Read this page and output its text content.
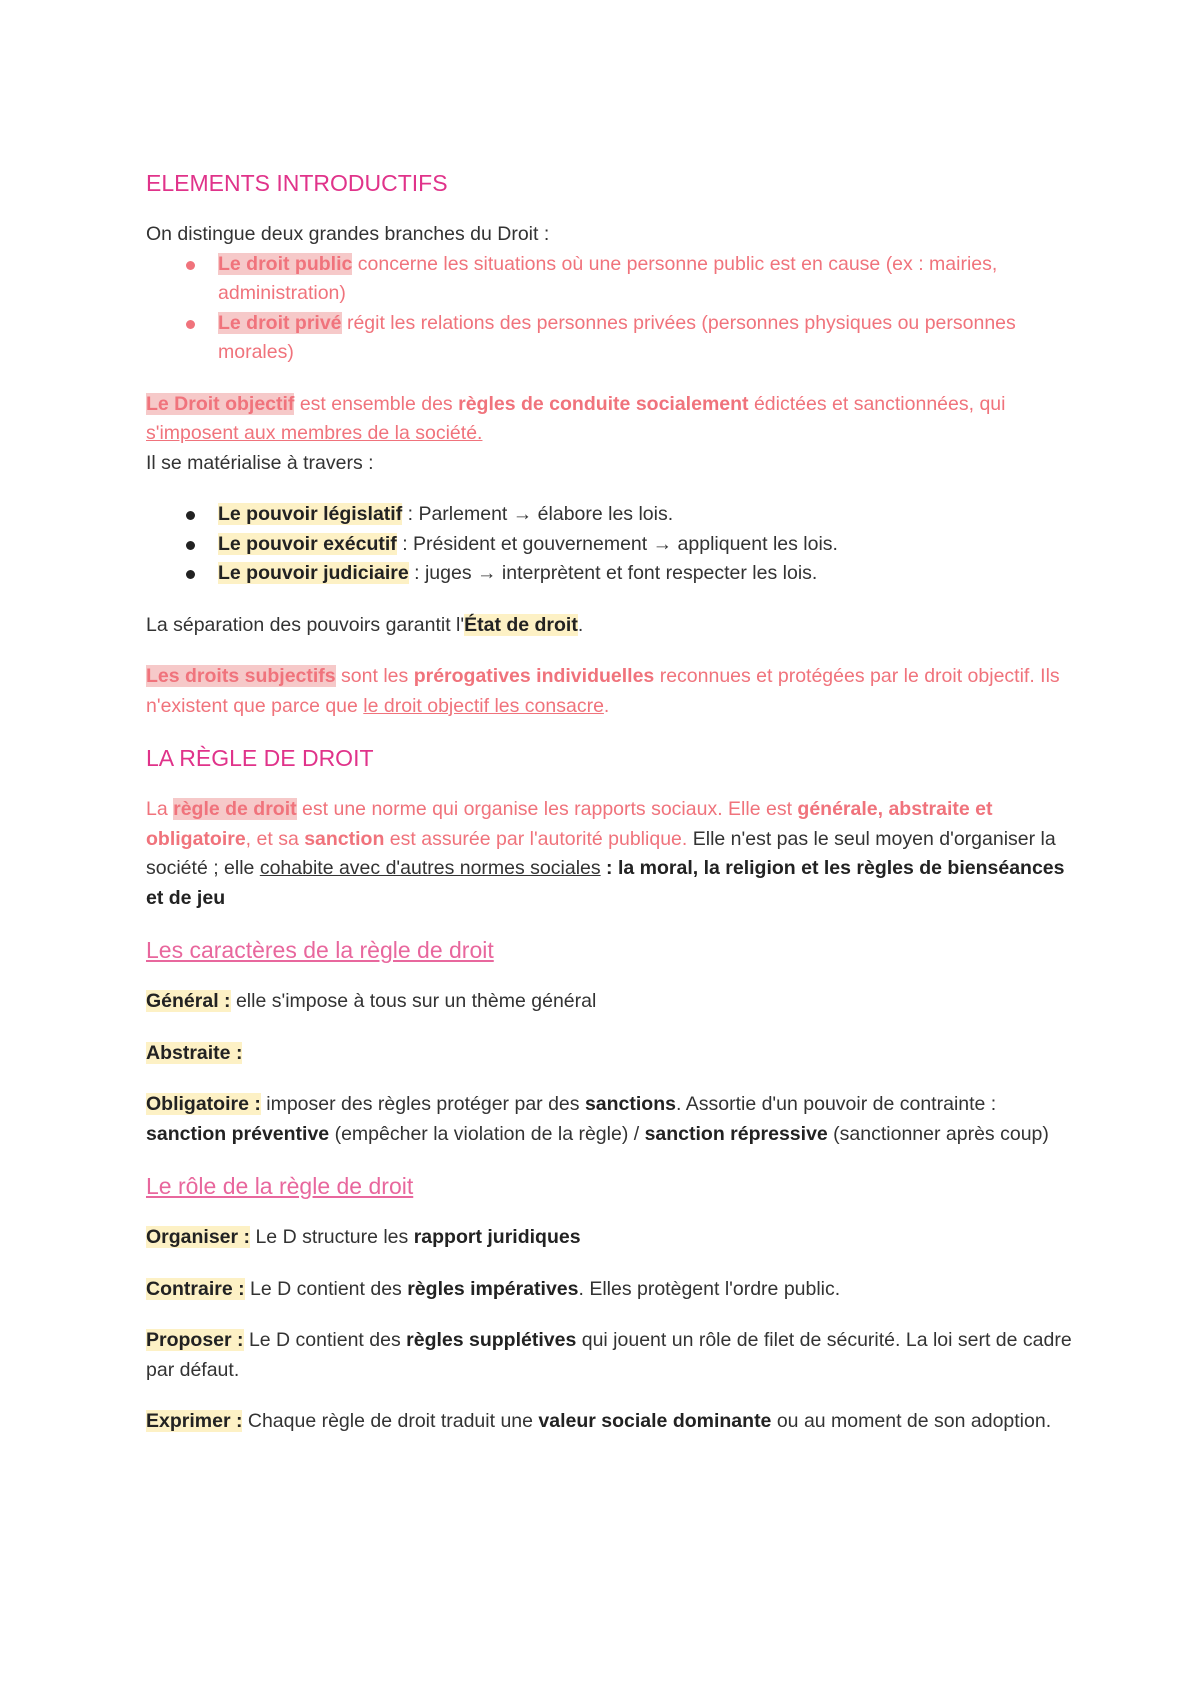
ELEMENTS INTRODUCTIFS

On distingue deux grandes branches du Droit :

Le droit public concerne les situations où une personne public est en cause (ex : mairies, administration)
Le droit privé régit les relations des personnes privées (personnes physiques ou personnes morales)

Le Droit objectif est ensemble des règles de conduite socialement édictées et sanctionnées, qui s'imposent aux membres de la société.

Il se matérialise à travers :

Le pouvoir législatif : Parlement → élabore les lois.
Le pouvoir exécutif : Président et gouvernement → appliquent les lois.
Le pouvoir judiciaire : juges → interprètent et font respecter les lois.

La séparation des pouvoirs garantit l'État de droit.

Les droits subjectifs sont les prérogatives individuelles reconnues et protégées par le droit objectif. Ils n'existent que parce que le droit objectif les consacre.

LA RÈGLE DE DROIT

La règle de droit est une norme qui organise les rapports sociaux. Elle est générale, abstraite et obligatoire, et sa sanction est assurée par l'autorité publique. Elle n'est pas le seul moyen d'organiser la société ; elle cohabite avec d'autres normes sociales : la moral, la religion et les règles de bienséances et de jeu

Les caractères de la règle de droit

Général : elle s'impose à tous sur un thème général

Abstraite :

Obligatoire : imposer des règles protéger par des sanctions. Assortie d'un pouvoir de contrainte : sanction préventive (empêcher la violation de la règle) / sanction répressive (sanctionner après coup)

Le rôle de la règle de droit

Organiser : Le D structure les rapport juridiques

Contraire : Le D contient des règles impératives. Elles protègent l'ordre public.

Proposer : Le D contient des règles supplétives qui jouent un rôle de filet de sécurité. La loi sert de cadre par défaut.

Exprimer : Chaque règle de droit traduit une valeur sociale dominante ou au moment de son adoption.
